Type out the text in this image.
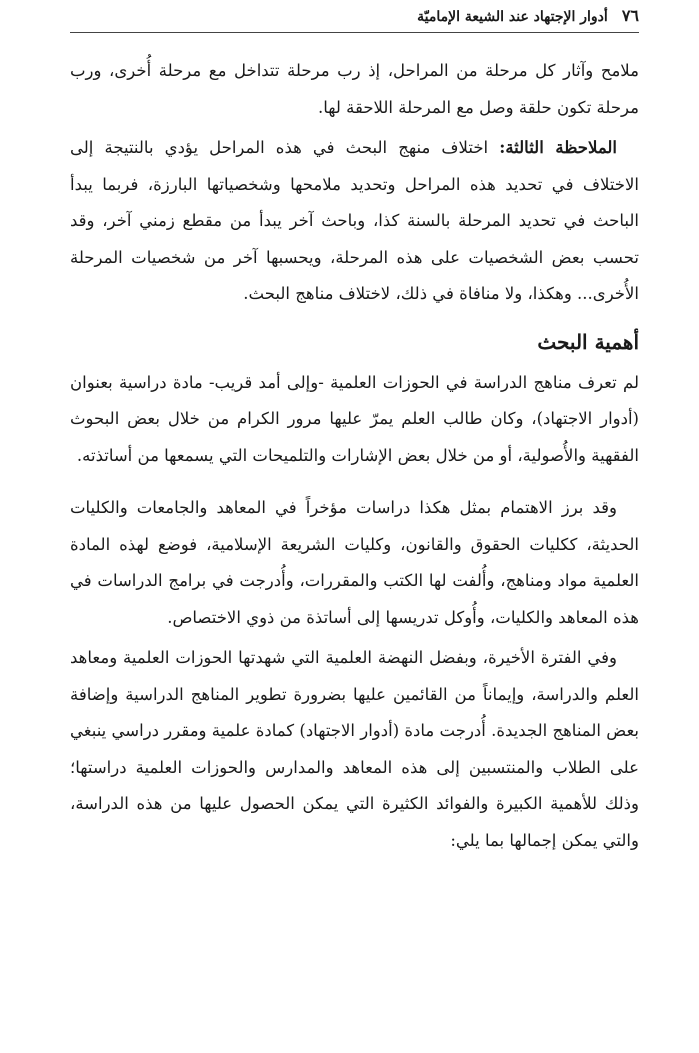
٧٦
أدوار الإجتهاد عند الشيعة الإماميّة

ملامح وآثار كل مرحلة من المراحل، إذ رب مرحلة تتداخل مع مرحلة أُخرى، ورب مرحلة تكون حلقة وصل مع المرحلة اللاحقة لها.

الملاحظة الثالثة: اختلاف منهج البحث في هذه المراحل يؤدي بالنتيجة إلى الاختلاف في تحديد هذه المراحل وتحديد ملامحها وشخصياتها البارزة، فربما يبدأ الباحث في تحديد المرحلة بالسنة كذا، وباحث آخر يبدأ من مقطع زمني آخر، وقد تحسب بعض الشخصيات على هذه المرحلة، ويحسبها آخر من شخصيات المرحلة الأُخرى... وهكذا، ولا منافاة في ذلك، لاختلاف مناهج البحث.

أهمية البحث

لم تعرف مناهج الدراسة في الحوزات العلمية -وإلى أمد قريب- مادة دراسية بعنوان (أدوار الاجتهاد)، وكان طالب العلم يمرّ عليها مرور الكرام من خلال بعض البحوث الفقهية والأُصولية، أو من خلال بعض الإشارات والتلميحات التي يسمعها من أساتذته.

وقد برز الاهتمام بمثل هكذا دراسات مؤخراً في المعاهد والجامعات والكليات الحديثة، ككليات الحقوق والقانون، وكليات الشريعة الإسلامية، فوضع لهذه المادة العلمية مواد ومناهج، وأُلفت لها الكتب والمقررات، وأُدرجت في برامج الدراسات في هذه المعاهد والكليات، وأُوكل تدريسها إلى أساتذة من ذوي الاختصاص.

وفي الفترة الأخيرة، وبفضل النهضة العلمية التي شهدتها الحوزات العلمية ومعاهد العلم والدراسة، وإيماناً من القائمين عليها بضرورة تطوير المناهج الدراسية وإضافة بعض المناهج الجديدة. أُدرجت مادة (أدوار الاجتهاد) كمادة علمية ومقرر دراسي ينبغي على الطلاب والمنتسبين إلى هذه المعاهد والمدارس والحوزات العلمية دراستها؛ وذلك للأهمية الكبيرة والفوائد الكثيرة التي يمكن الحصول عليها من هذه الدراسة، والتي يمكن إجمالها بما يلي:
